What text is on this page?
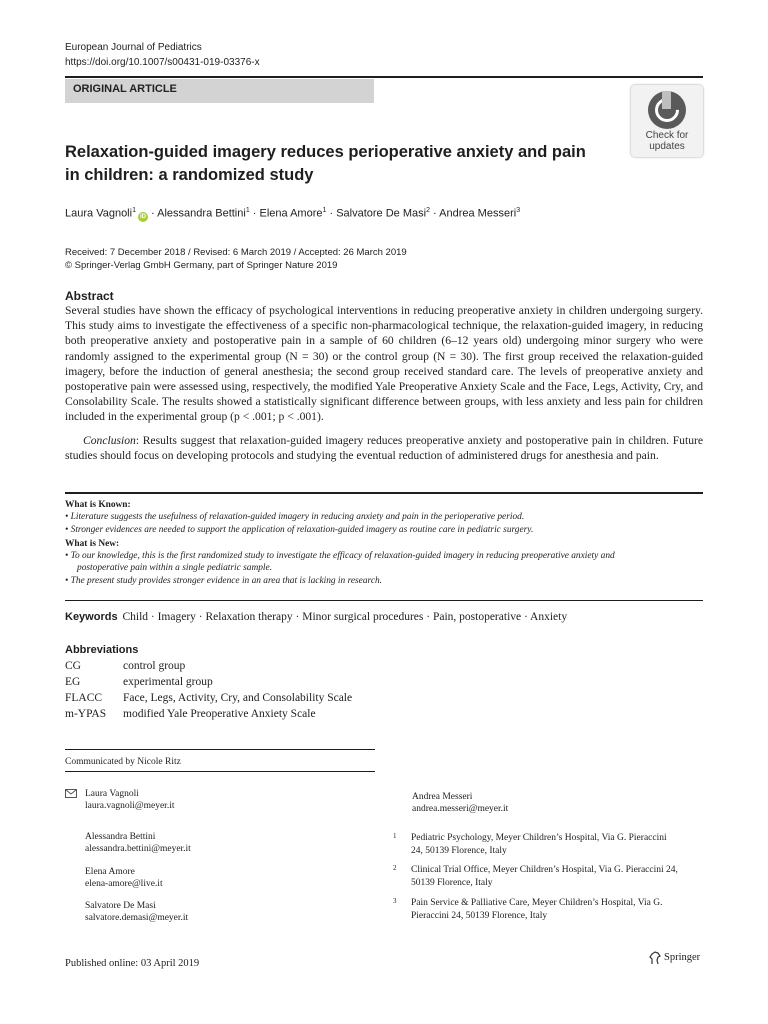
European Journal of Pediatrics
https://doi.org/10.1007/s00431-019-03376-x
ORIGINAL ARTICLE
Check for updates
Relaxation-guided imagery reduces perioperative anxiety and pain in children: a randomized study
Laura Vagnoli$^1$iD · Alessandra Bettini$^1$ · Elena Amore$^1$ · Salvatore De Masi$^2$ · Andrea Messeri$^3$
Received: 7 December 2018 / Revised: 6 March 2019 / Accepted: 26 March 2019
© Springer-Verlag GmbH Germany, part of Springer Nature 2019
Abstract
Several studies have shown the efficacy of psychological interventions in reducing preoperative anxiety in children undergoing surgery. This study aims to investigate the effectiveness of a specific non-pharmacological technique, the relaxation-guided imagery, in reducing both preoperative anxiety and postoperative pain in a sample of 60 children (6–12 years old) undergoing minor surgery who were randomly assigned to the experimental group (N = 30) or the control group (N = 30). The first group received the relaxation-guided imagery, before the induction of general anesthesia; the second group received standard care. The levels of preoperative anxiety and postoperative pain were assessed using, respectively, the modified Yale Preoperative Anxiety Scale and the Face, Legs, Activity, Cry, and Consolability Scale. The results showed a statistically significant difference between groups, with less anxiety and less pain for children included in the experimental group (p < .001; p < .001).
Conclusion: Results suggest that relaxation-guided imagery reduces preoperative anxiety and postoperative pain in children. Future studies should focus on developing protocols and studying the eventual reduction of administered drugs for anesthesia and pain.
What is Known:
• Literature suggests the usefulness of relaxation-guided imagery in reducing anxiety and pain in the perioperative period.
• Stronger evidences are needed to support the application of relaxation-guided imagery as routine care in pediatric surgery.
What is New:
• To our knowledge, this is the first randomized study to investigate the efficacy of relaxation-guided imagery in reducing preoperative anxiety and
postoperative pain within a single pediatric sample.
• The present study provides stronger evidence in an area that is lacking in research.
Keywords Child · Imagery · Relaxation therapy · Minor surgical procedures · Pain, postoperative · Anxiety
Abbreviations
CG	control group
EG	experimental group
FLACC Face, Legs, Activity, Cry, and Consolability Scale
m-YPAS modified Yale Preoperative Anxiety Scale
Communicated by Nicole Ritz
Laura Vagnoli
laura.vagnoli@meyer.it
Alessandra Bettini
alessandra.bettini@meyer.it
Elena Amore
elena-amore@live.it
Salvatore De Masi
salvatore.demasi@meyer.it
Andrea Messeri
andrea.messeri@meyer.it
1 Pediatric Psychology, Meyer Children’s Hospital, Via G. Pieraccini
24, 50139 Florence, Italy
2 Clinical Trial Office, Meyer Children’s Hospital, Via G. Pieraccini 24,
50139 Florence, Italy
3 Pain Service & Palliative Care, Meyer Children’s Hospital, Via G.
Pieraccini 24, 50139 Florence, Italy
Published online: 03 April 2019
Springer
